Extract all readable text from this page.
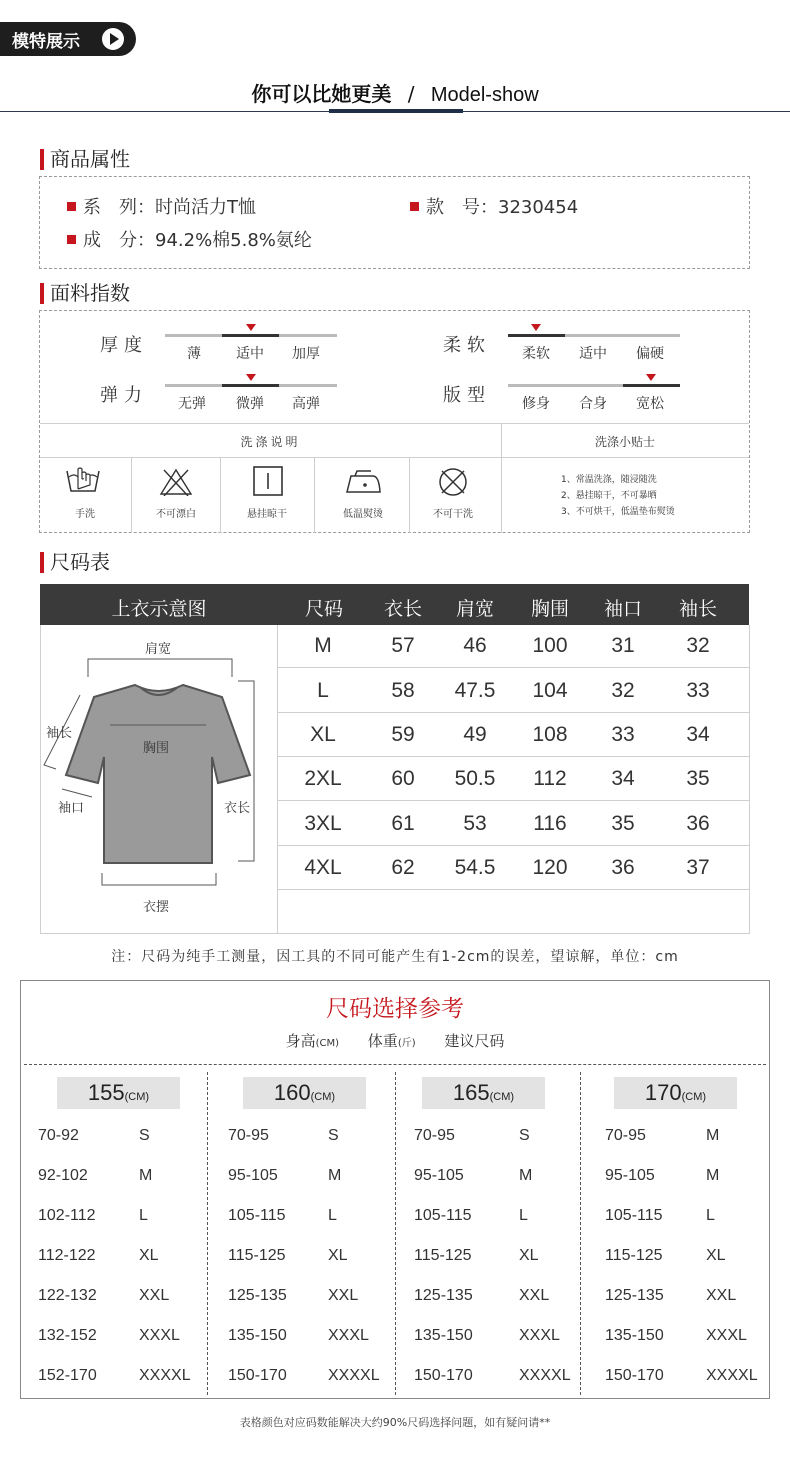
模特展示
你可以比她更美 / Model-show
商品属性
系　列：时尚活力T恤	款　号：3230454
成　分：94.2%棉5.8%氨纶
面料指数
厚度	薄	适中 加厚	柔软 柔软 适中 偏硬
弹力 无弹 微弹 高弹	版型 修身 合身 宽松
洗涤说明	洗涤小贴士
手洗	不可漂白	悬挂晾干	低温熨烫	不可干洗
1、常温洗涤，随浸随洗
2、悬挂晾干，不可暴晒
3、不可烘干，低温垫布熨烫
尺码表
上衣示意图	尺码	衣长	肩宽	胸围	袖口	袖长
肩宽
袖长
胸围
袖口	衣长
衣摆
M	57	46	100	31	32
L	58	47.5	104	32	33
XL	59	49	108	33	34
2XL	60	50.5	112	34	35
3XL	61	53	116	35	36
4XL	62	54.5	120	36	37
注：尺码为纯手工测量，因工具的不同可能产生有1-2cm的误差，望谅解，单位：cm
尺码选择参考
身高(CM) 体重(斤) 建议尺码
155(CM)
70-92	S
92-102	M
102-112	L
112-122	XL
122-132	XXL
132-152	XXXL
152-170	XXXXL
160(CM)
70-95	S
95-105	M
105-115	L
115-125	XL
125-135	XXL
135-150	XXXL
150-170	XXXXL
165(CM)
70-95	S
95-105	M
105-115	L
115-125	XL
125-135	XXL
135-150	XXXL
150-170	XXXXL
170(CM)
70-95	M
95-105	M
105-115	L
115-125	XL
125-135	XXL
135-150	XXXL
150-170	XXXXL
表格颜色对应码数能解决大约90%尺码选择问题，如有疑问请**
